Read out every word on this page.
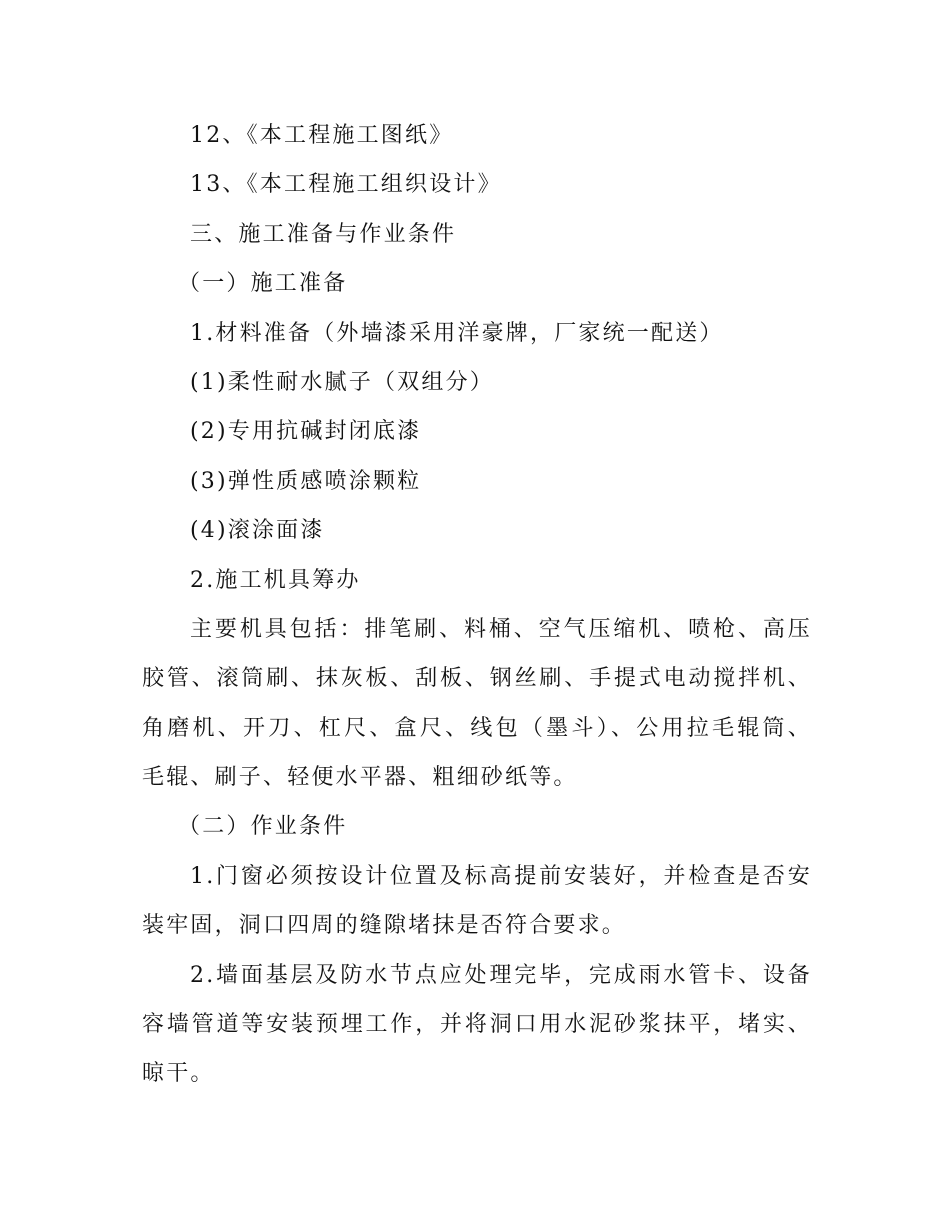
12、《本工程施工图纸》
13、《本工程施工组织设计》
三、施工准备与作业条件
（一）施工准备
1.材料准备（外墙漆采用洋豪牌，厂家统一配送）
(1)柔性耐水腻子（双组分）
(2)专用抗碱封闭底漆
(3)弹性质感喷涂颗粒
(4)滚涂面漆
2.施工机具筹办
主要机具包括：排笔刷、料桶、空气压缩机、喷枪、高压
胶管、滚筒刷、抹灰板、刮板、钢丝刷、手提式电动搅拌机、
角磨机、开刀、杠尺、盒尺、线包（墨斗）、公用拉毛辊筒、
毛辊、刷子、轻便水平器、粗细砂纸等。
（二）作业条件
1.门窗必须按设计位置及标高提前安装好，并检查是否安
装牢固，洞口四周的缝隙堵抹是否符合要求。
2.墙面基层及防水节点应处理完毕，完成雨水管卡、设备
容墙管道等安装预埋工作，并将洞口用水泥砂浆抹平，堵实、
晾干。
